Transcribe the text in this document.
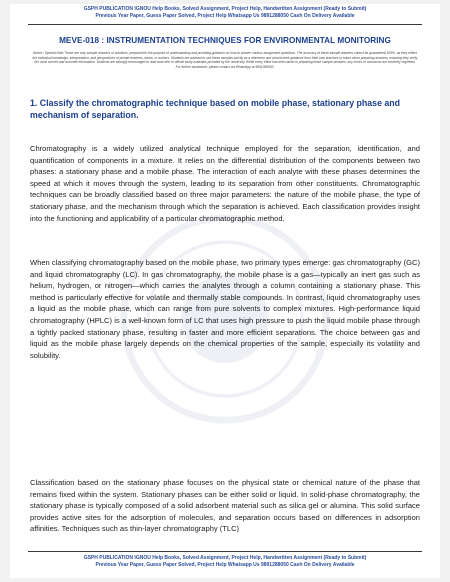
GSPH PUBLICATION IGNOU Help Books, Solved Assignment, Project Help, Handwritten Assignment (Ready to Submit)
Previous Year Paper, Guess Paper Solved, Project Help Whatsapp Us 9891288050 Cash On Delivery Available
MEVE-018 : INSTRUMENTATION TECHNIQUES FOR ENVIRONMENTAL MONITORING
Notice / Special Note These are only sample answers or solutions, prepared for the purpose of understanding and providing guidance on how to answer various assignment questions. The accuracy of these sample answers cannot be guaranteed 100%, as they reflect the individual knowledge, interpretation, and perspectives of private teachers, tutors, or authors. Students are advised to use these samples strictly as a reference and should seek guidance from their own teachers or tutors when preparing answers, ensuring they verify the most current and accurate information. Students are strongly encouraged to read and refer to official study materials provided by the university. While every effort has been taken in preparing these sample answers, any errors or omissions are sincerely regretted. For further assistance, please contact via WhatsApp at 9891288050.
1. Classify the chromatographic technique based on mobile phase, stationary phase and mechanism of separation.

Chromatography is a widely utilized analytical technique employed for the separation, identification, and quantification of components in a mixture. It relies on the differential distribution of the components between two phases: a stationary phase and a mobile phase. The interaction of each analyte with these phases determines the speed at which it moves through the system, leading to its separation from other constituents. Chromatographic techniques can be broadly classified based on three major parameters: the nature of the mobile phase, the type of stationary phase, and the mechanism through which the separation is achieved. Each classification provides insight into the functioning and applicability of a particular chromatographic method.

When classifying chromatography based on the mobile phase, two primary types emerge: gas chromatography (GC) and liquid chromatography (LC). In gas chromatography, the mobile phase is a gas—typically an inert gas such as helium, hydrogen, or nitrogen—which carries the analytes through a column containing a stationary phase. This method is particularly effective for volatile and thermally stable compounds. In contrast, liquid chromatography uses a liquid as the mobile phase, which can range from pure solvents to complex mixtures. High-performance liquid chromatography (HPLC) is a well-known form of LC that uses high pressure to push the liquid mobile phase through a tightly packed stationary phase, resulting in faster and more efficient separations. The choice between gas and liquid as the mobile phase largely depends on the chemical properties of the sample, especially its volatility and solubility.

Classification based on the stationary phase focuses on the physical state or chemical nature of the phase that remains fixed within the system. Stationary phases can be either solid or liquid. In solid-phase chromatography, the stationary phase is typically composed of a solid adsorbent material such as silica gel or alumina. This solid surface provides active sites for the adsorption of molecules, and separation occurs based on differences in adsorption affinities. Techniques such as thin-layer chromatography (TLC)

GSPH PUBLICATION IGNOU Help Books, Solved Assignment, Project Help, Handwritten Assignment (Ready to Submit)
Previous Year Paper, Guess Paper Solved, Project Help Whatsapp Us 9891288050 Cash On Delivery Available
